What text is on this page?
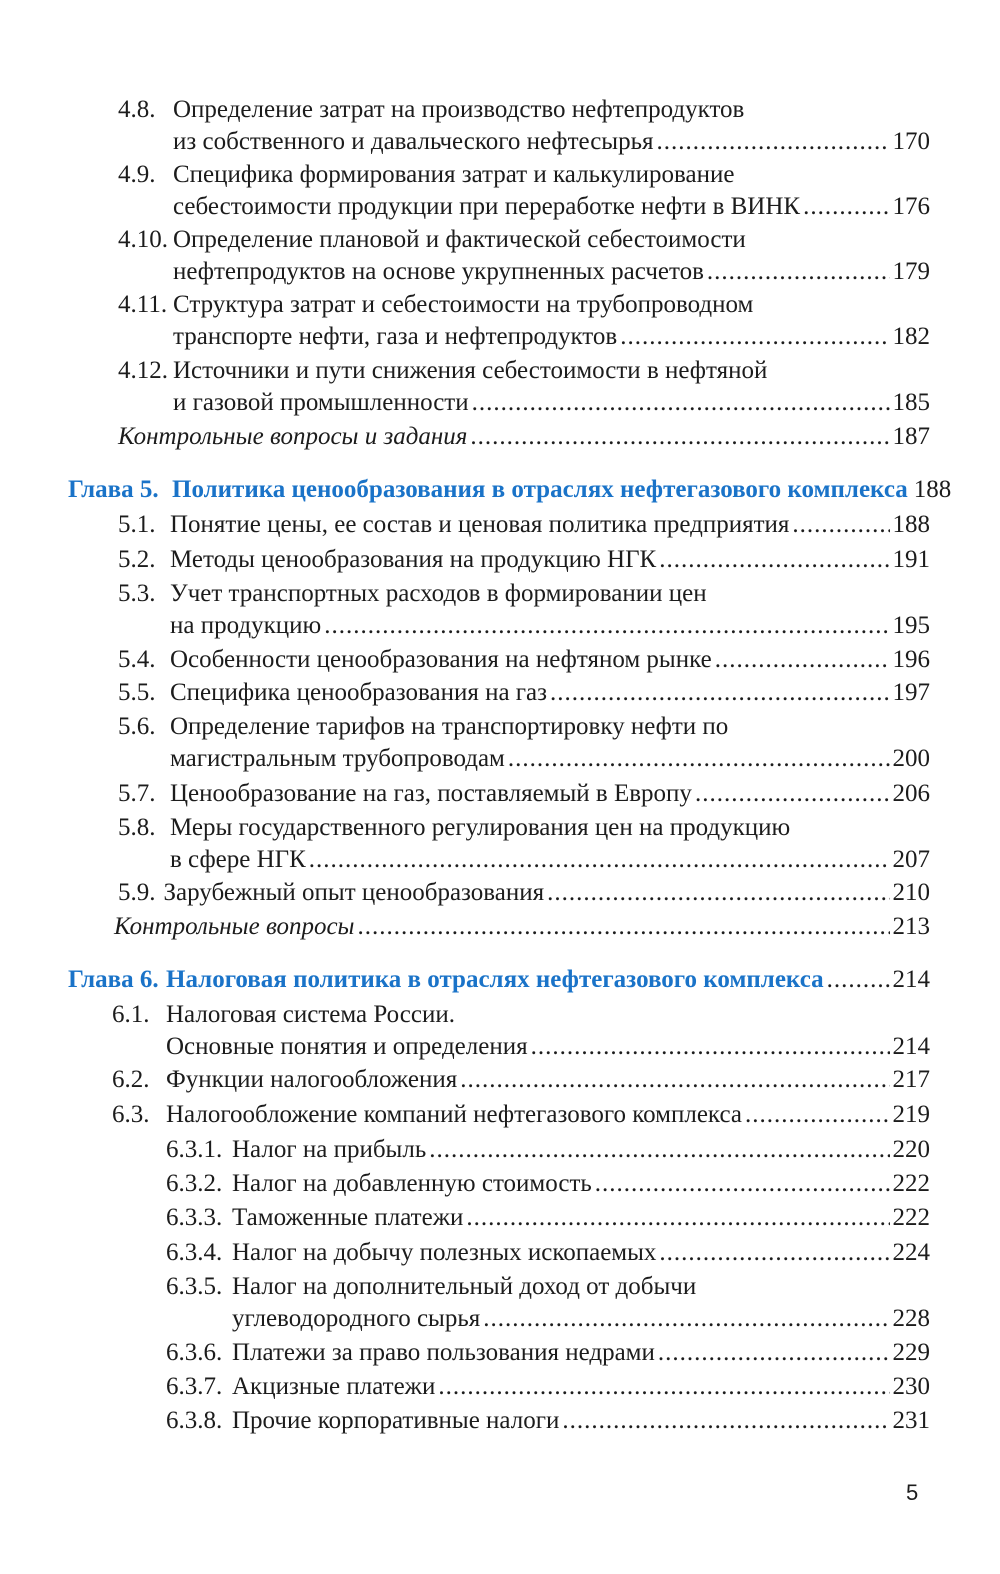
4.8. Определение затрат на производство нефтепродуктов
из собственного и давальческого нефтесырья .....	170
4.9. Специфика формирования затрат и калькулирование
себестоимости продукции при переработке нефти в ВИНК .....	176
4.10. Определение плановой и фактической себестоимости
нефтепродуктов на основе укрупненных расчетов .....	179
4.11. Структура затрат и себестоимости на трубопроводном
транспорте нефти, газа и нефтепродуктов .....	182
4.12. Источники и пути снижения себестоимости в нефтяной
и газовой промышленности .....	185
Контрольные вопросы и задания .....	187
Глава 5. Политика ценообразования в отраслях нефтегазового комплекса 188
5.1. Понятие цены, ее состав и ценовая политика предприятия .....	188
5.2. Методы ценообразования на продукцию НГК .....	191
5.3. Учет транспортных расходов в формировании цен
на продукцию .....	195
5.4. Особенности ценообразования на нефтяном рынке .....	196
5.5. Специфика ценообразования на газ .....	197
5.6. Определение тарифов на транспортировку нефти по
магистральным трубопроводам .....	200
5.7. Ценообразование на газ, поставляемый в Европу .....	206
5.8. Меры государственного регулирования цен на продукцию
в сфере НГК .....	207
5.9. Зарубежный опыт ценообразования .....	210
Контрольные вопросы .....	213
Глава 6. Налоговая политика в отраслях нефтегазового комплекса .....	214
6.1. Налоговая система России.
Основные понятия и определения .....	214
6.2. Функции налогообложения .....	217
6.3. Налогообложение компаний нефтегазового комплекса .....	219
6.3.1. Налог на прибыль .....	220
6.3.2. Налог на добавленную стоимость .....	222
6.3.3. Таможенные платежи .....	222
6.3.4. Налог на добычу полезных ископаемых .....	224
6.3.5. Налог на дополнительный доход от добычи
углеводородного сырья .....	228
6.3.6. Платежи за право пользования недрами .....	229
6.3.7. Акцизные платежи .....	230
6.3.8. Прочие корпоративные налоги .....	231
5
